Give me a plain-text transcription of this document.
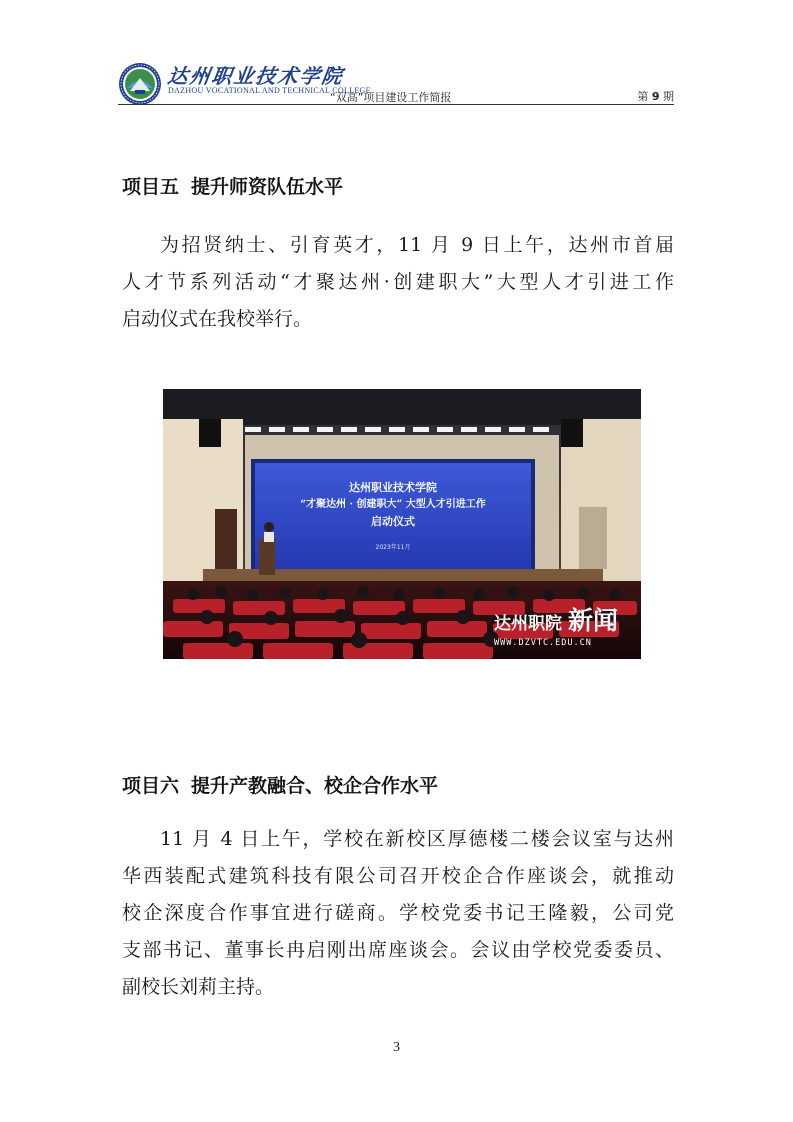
达州职业技术学院
DAZHOU VOCATIONAL AND TECHNICAL COLLEGE
“双高”项目建设工作简报	第 9 期
项目五 提升师资队伍水平
为招贤纳士、引育英才，11 月 9 日上午，达州市首届
人才节系列活动“才聚达州·创建职大”大型人才引进工作
启动仪式在我校举行。
达州职业技术学院
“才聚达州 · 创建职大” 大型人才引进工作
启动仪式
2023年11月
达州职院 新闻
WWW.DZVTC.EDU.CN
项目六 提升产教融合、校企合作水平
11 月 4 日上午，学校在新校区厚德楼二楼会议室与达州
华西装配式建筑科技有限公司召开校企合作座谈会，就推动
校企深度合作事宜进行磋商。学校党委书记王隆毅，公司党
支部书记、董事长冉启刚出席座谈会。会议由学校党委委员、
副校长刘莉主持。
3
